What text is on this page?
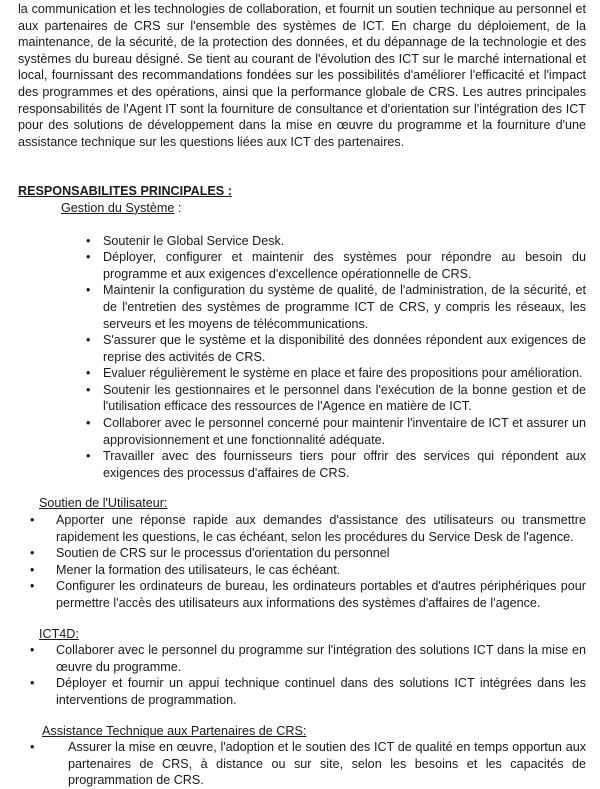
la communication et les technologies de collaboration, et fournit un soutien technique au personnel et aux partenaires de CRS sur l'ensemble des systèmes de ICT. En charge du déploiement, de la maintenance, de la sécurité, de la protection des données, et du dépannage de la technologie et des systèmes du bureau désigné. Se tient au courant de l'évolution des ICT sur le marché international et local, fournissant des recommandations fondées sur les possibilités d'améliorer l'efficacité et l'impact des programmes et des opérations, ainsi que la performance globale de CRS. Les autres principales responsabilités de l'Agent IT sont la fourniture de consultance et d'orientation sur l'intégration des ICT pour des solutions de développement dans la mise en œuvre du programme et la fourniture d'une assistance technique sur les questions liées aux ICT des partenaires.

RESPONSABILITES PRINCIPALES :

Gestion du Système :

• Soutenir le Global Service Desk.
• Déployer, configurer et maintenir des systèmes pour répondre au besoin du programme et aux exigences d'excellence opérationnelle de CRS.
• Maintenir la configuration du système de qualité, de l'administration, de la sécurité, et de l'entretien des systèmes de programme ICT de CRS, y compris les réseaux, les serveurs et les moyens de télécommunications.
• S'assurer que le système et la disponibilité des données répondent aux exigences de reprise des activités de CRS.
• Evaluer régulièrement le système en place et faire des propositions pour amélioration.
• Soutenir les gestionnaires et le personnel dans l'exécution de la bonne gestion et de l'utilisation efficace des ressources de l'Agence en matière de ICT.
• Collaborer avec le personnel concerné pour maintenir l'inventaire de ICT et assurer un approvisionnement et une fonctionnalité adéquate.
• Travailler avec des fournisseurs tiers pour offrir des services qui répondent aux exigences des processus d'affaires de CRS.

Soutien de l'Utilisateur:

• Apporter une réponse rapide aux demandes d'assistance des utilisateurs ou transmettre rapidement les questions, le cas échéant, selon les procédures du Service Desk de l'agence.
• Soutien de CRS sur le processus d'orientation du personnel
• Mener la formation des utilisateurs, le cas échéant.
• Configurer les ordinateurs de bureau, les ordinateurs portables et d'autres périphériques pour permettre l'accès des utilisateurs aux informations des systèmes d'affaires de l'agence.

ICT4D:

• Collaborer avec le personnel du programme sur l'intégration des solutions ICT dans la mise en œuvre du programme.
• Déployer et fournir un appui technique continuel dans des solutions ICT intégrées dans les interventions de programmation.

Assistance Technique aux Partenaires de CRS:

• Assurer la mise en œuvre, l'adoption et le soutien des ICT de qualité en temps opportun aux partenaires de CRS, à distance ou sur site, selon les besoins et les capacités de programmation de CRS.
